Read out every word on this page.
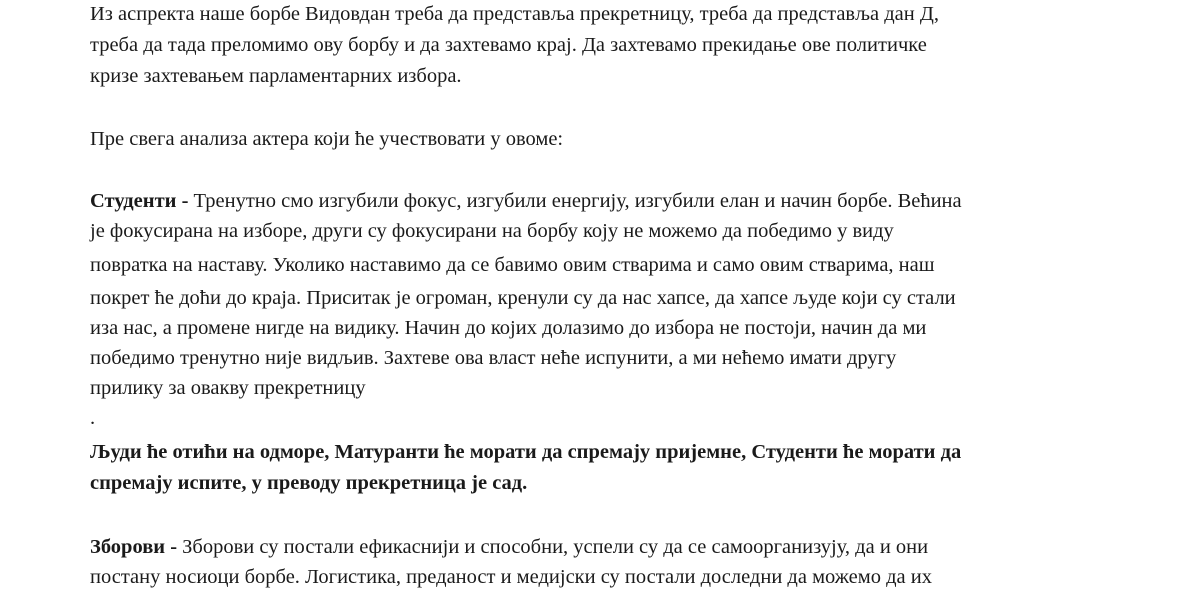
Из аспректа наше борбе Видовдан треба да представља прекретницу, треба да представља дан Д,
треба да тада преломимо ову борбу и да захтевамо крај. Да захтевамо прекидање ове политичке
кризе захтевањем парламентарних избора.
Пре свега анализа актера који ће учествовати у овоме:
Студенти - Тренутно смо изгубили фокус, изгубили енергију, изгубили елан и начин борбе. Већина
је фокусирана на изборе, други су фокусирани на борбу коју не можемо да победимо у виду
повратка на наставу. Уколико наставимо да се бавимо овим стварима и само овим стварима, наш
покрет ће доћи до краја. Приситак је огроман, кренули су да нас хапсе, да хапсе људе који су стали
иза нас, а промене нигде на видику. Начин до којих долазимо до избора не постоји, начин да ми
победимо тренутно није видљив. Захтеве ова власт неће испунити, а ми нећемо имати другу
прилику за овакву прекретницу
.
Људи ће отићи на одморе, Матуранти ће морати да спремају пријемне, Студенти ће морати да
спремају испите, у преводу прекретница је сад.
Зборови - Зборови су постали ефикаснији и способни, успели су да се самоорганизују, да и они
постану носиоци борбе. Логистика, преданост и медијски су постали доследни да можемо да их
